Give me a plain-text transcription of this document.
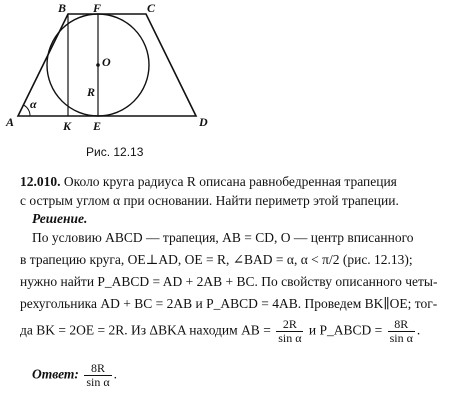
A
B F	C
D
K E
O
R
α
Рис. 12.13
12.010. Около круга радиуса R описана равнобедренная трапеция
с острым углом α при основании. Найти периметр этой трапеции.
Решение.
По условию ABCD — трапеция, AB = CD, O — центр вписанного
в трапецию круга, OE⊥AD, OE = R, ∠BAD = α, α < π/2 (рис. 12.13);
нужно найти P_ABCD = AD + 2AB + BC. По свойству описанного четы-
рехугольника AD + BC = 2AB и P_ABCD = 4AB. Проведем BK∥OE; тог-
да BK = 2OE = 2R. Из ΔBKA находим AB = $\frac{2R}{\text{sin α}}$ и P_ABCD = $\frac{8R}{\text{sin α}}$ .
Ответ: $\frac{8R}{\text{sin α}}$ .
